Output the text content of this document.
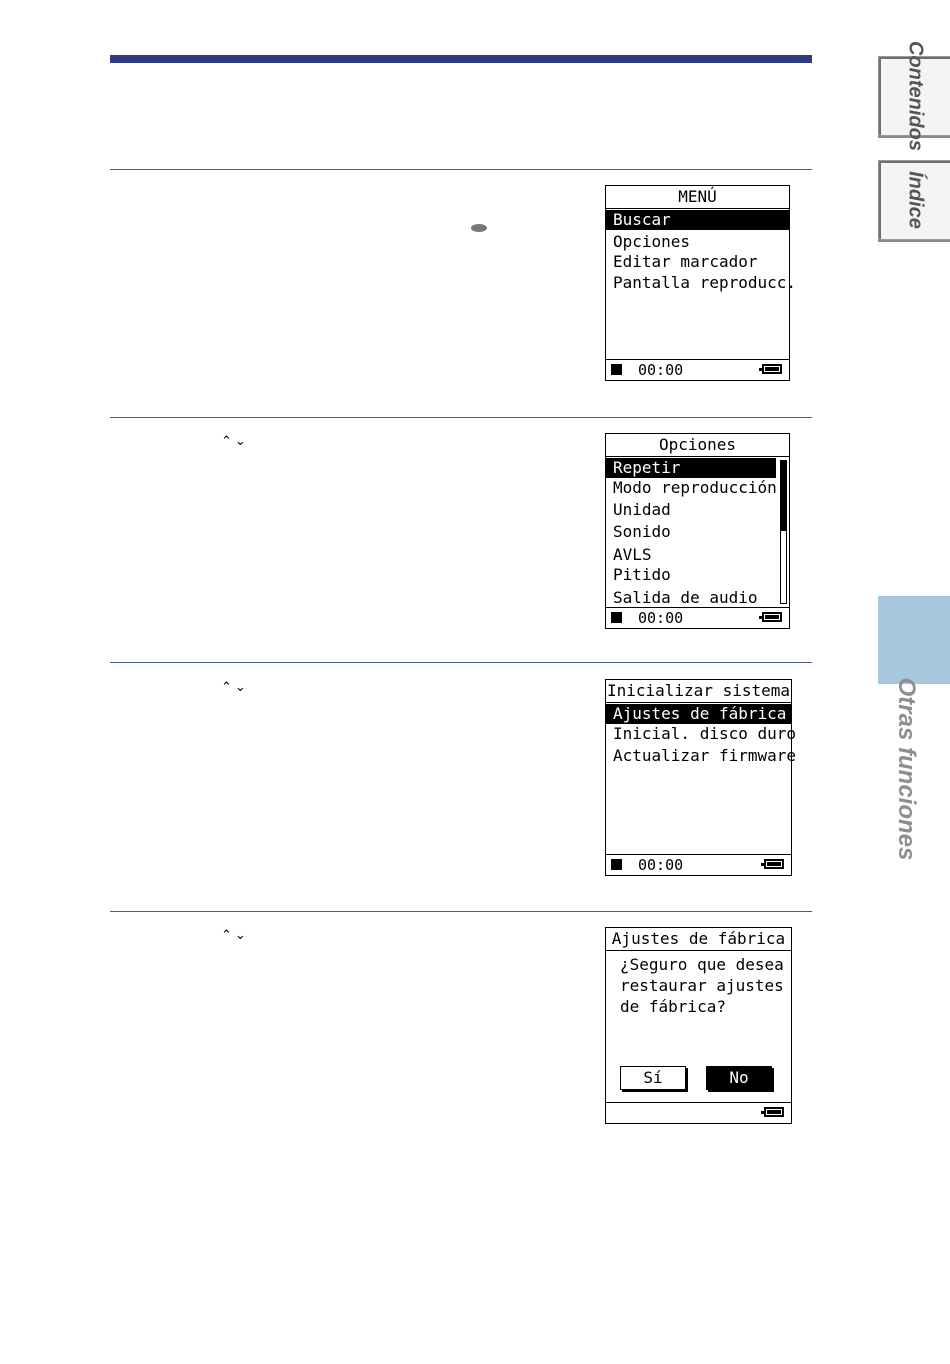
Contenidos
Índice
Otras funciones
⌃⌄
⌃⌄
⌃⌄
MENÚ
Buscar
Opciones
Editar marcador
Pantalla reproducc.
00:00
Opciones
Repetir
Modo reproducción
Unidad
Sonido
AVLS
Pitido
Salida de audio
00:00
Inicializar sistema
Ajustes de fábrica
Inicial. disco duro
Actualizar firmware
00:00
Ajustes de fábrica
¿Seguro que desea
restaurar ajustes
de fábrica?
Sí	No
